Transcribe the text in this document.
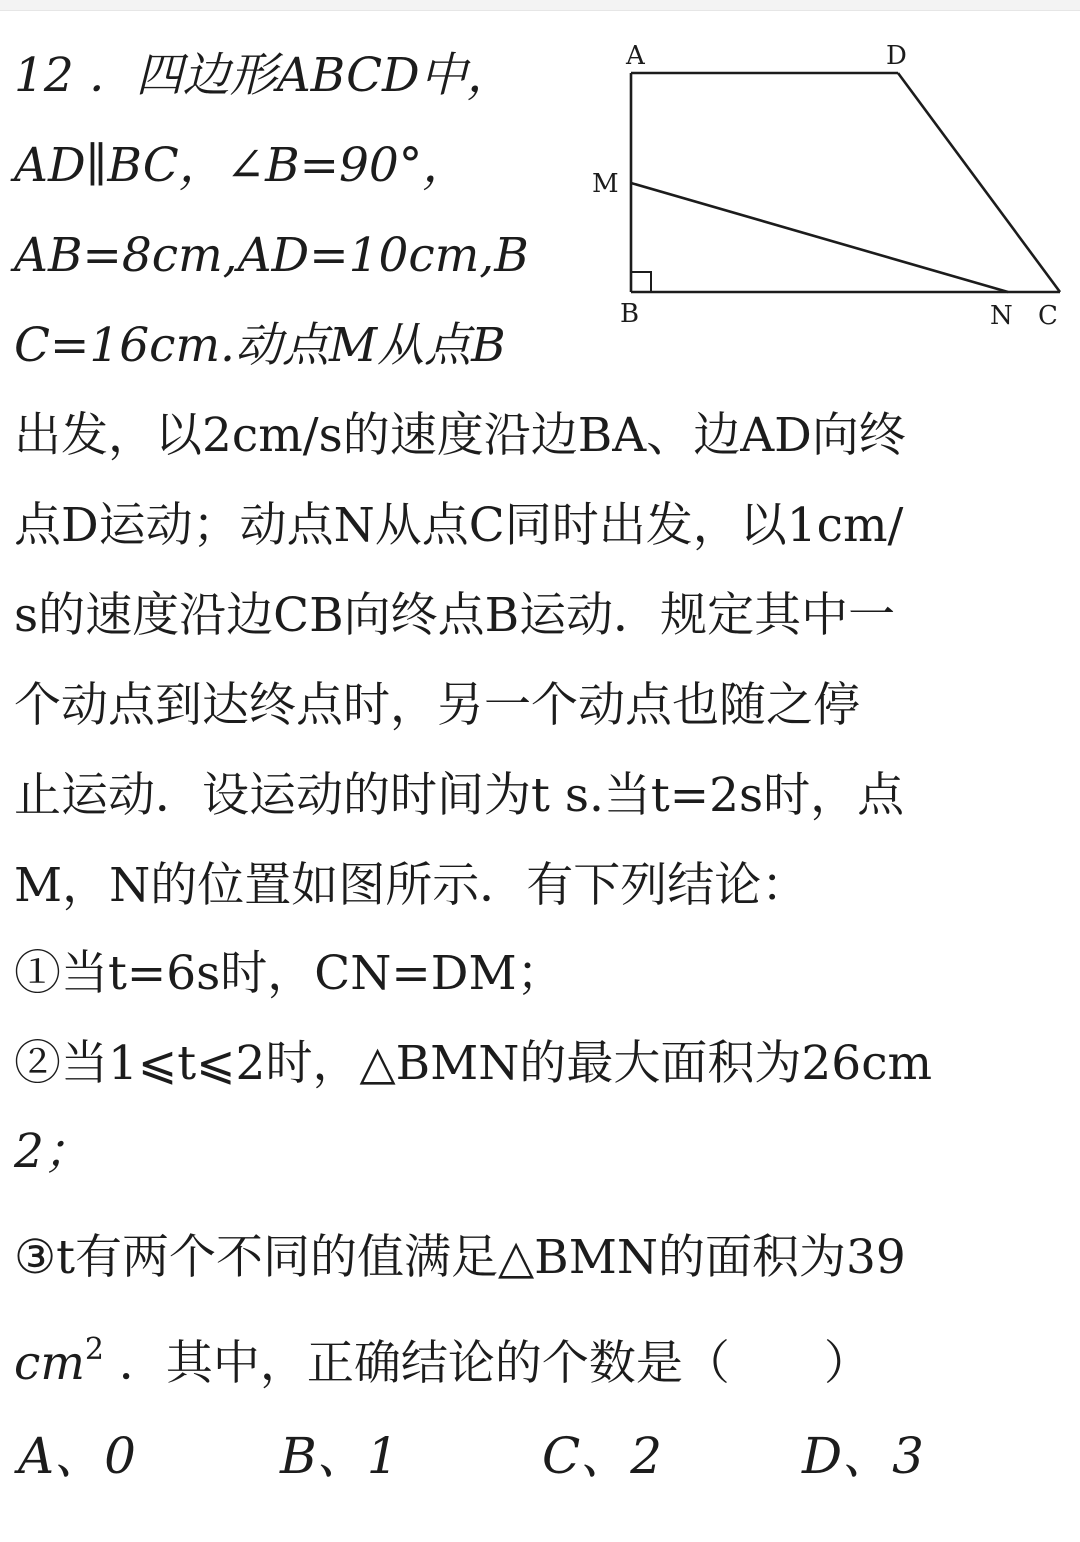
12 ．四边形ABCD中，

AD∥BC，∠B=90°，

AB=8cm,AD=10cm,B

C=16cm.动点M从点B

出发，以2cm/s的速度沿边BA、边AD向终

点D运动；动点N从点C同时出发，以1cm/

s的速度沿边CB向终点B运动．规定其中一

个动点到达终点时，另一个动点也随之停

止运动．设运动的时间为t s.当t=2s时，点

M，N的位置如图所示．有下列结论：

①当t=6s时，CN=DM；

②当1⩽t⩽2时，△BMN的最大面积为26cm

2；

③t有两个不同的值满足△BMN的面积为39

$cm^2$ ．其中，正确结论的个数是（　　）

A	D
M
B	N C
A、0	B、1	C、2	D、3
